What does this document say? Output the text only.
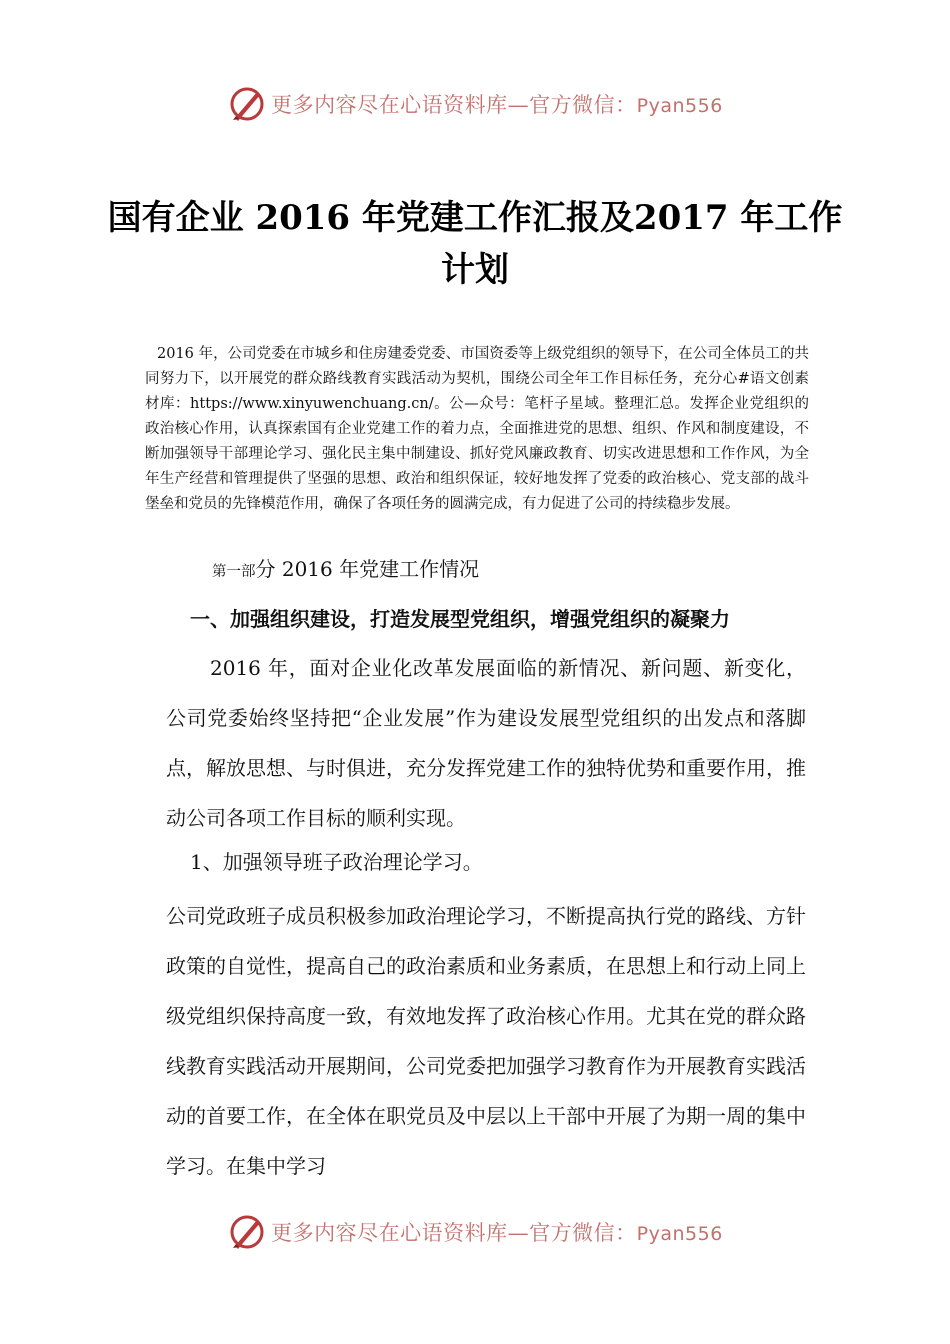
更多内容尽在心语资料库—官方微信：Pyan556
国有企业 2016 年党建工作汇报及2017 年工作计划
2016 年，公司党委在市城乡和住房建委党委、市国资委等上级党组织的领导下，在公司全体员工的共同努力下，以开展党的群众路线教育实践活动为契机，围绕公司全年工作目标任务，充分心#语文创素材库：https://www.xinyuwenchuang.cn/。公—众号：笔杆子星域。整理汇总。发挥企业党组织的政治核心作用，认真探索国有企业党建工作的着力点，全面推进党的思想、组织、作风和制度建设，不断加强领导干部理论学习、强化民主集中制建设、抓好党风廉政教育、切实改进思想和工作作风，为全年生产经营和管理提供了坚强的思想、政治和组织保证，较好地发挥了党委的政治核心、党支部的战斗堡垒和党员的先锋模范作用，确保了各项任务的圆满完成，有力促进了公司的持续稳步发展。
第一部分 2016 年党建工作情况
一、加强组织建设，打造发展型党组织，增强党组织的凝聚力
2016 年，面对企业化改革发展面临的新情况、新问题、新变化，公司党委始终坚持把“企业发展”作为建设发展型党组织的出发点和落脚点，解放思想、与时俱进，充分发挥党建工作的独特优势和重要作用，推动公司各项工作目标的顺利实现。
1、加强领导班子政治理论学习。
公司党政班子成员积极参加政治理论学习，不断提高执行党的路线、方针政策的自觉性，提高自己的政治素质和业务素质，在思想上和行动上同上级党组织保持高度一致，有效地发挥了政治核心作用。尤其在党的群众路线教育实践活动开展期间，公司党委把加强学习教育作为开展教育实践活动的首要工作，在全体在职党员及中层以上干部中开展了为期一周的集中学习。在集中学习
更多内容尽在心语资料库—官方微信：Pyan556
